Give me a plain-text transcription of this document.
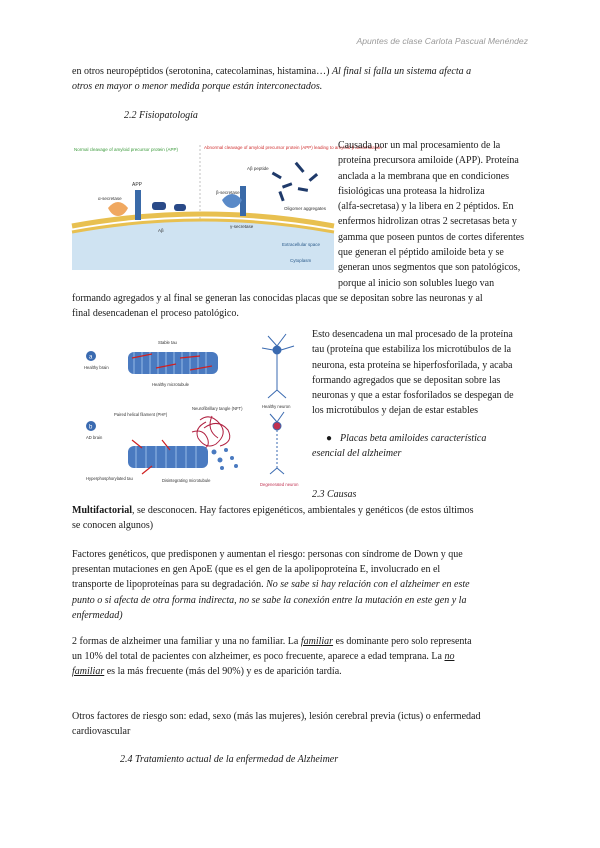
Apuntes de clase Carlota Pascual Menéndez
en otros neuropéptidos (serotonina, catecolaminas, histamina…) Al final si falla un sistema afecta a
otros en mayor o menor medida porque están interconectados.
2.2 Fisiopatología
Normal cleavage of amyloid precursor protein (APP)	Abnormal cleavage of amyloid precursor protein (APP) leading to amyloid β accumulation
Extracellular space
Cytoplasm
APP
α-secretase
Aβ
β-secretase
γ-secretase
Aβ peptide
Oligomer aggregates
Causada por un mal procesamiento de la
proteína precursora amiloide (APP). Proteína
anclada a la membrana que en condiciones
fisiológicas una proteasa la hidroliza
(alfa-secretasa) y la libera en 2 péptidos. En
enfermos hidrolizan otras 2 secretasas beta y
gamma que poseen puntos de cortes diferentes
que generan el péptido amiloide beta y se
generan unos segmentos que son patológicos,
porque al inicio son solubles luego van
formando agregados y al final se generan las conocidas placas que se depositan sobre las neuronas y al
final desencadenan el proceso patológico.
a
Healthy brain
Stable tau
Healthy microtubule
Healthy neuron
b
AD brain
Paired helical filament (PHF)
Neurofibrillary tangle (NFT)
Hyperphosphorylated tau	Disintegrating microtubule
Degenerated neuron
Esto desencadena un mal procesado de la proteína
tau (proteína que estabiliza los microtúbulos de la
neurona, esta proteína se hiperfosforilada, y acaba
formando agregados que se depositan sobre las
neuronas y que a estar fosforilados se despegan de
los microtúbulos y dejan de estar estables
● Placas beta amiloides característica
esencial del alzheimer
2.3 Causas
Multifactorial, se desconocen. Hay factores epigenéticos, ambientales y genéticos (de estos últimos
se conocen algunos)
Factores genéticos, que predisponen y aumentan el riesgo: personas con síndrome de Down y que
presentan mutaciones en gen ApoE (que es el gen de la apolipoproteína E, involucrado en el
transporte de lipoproteínas para su degradación. No se sabe si hay relación con el alzheimer en este
punto o si afecta de otra forma indirecta, no se sabe la conexión entre la mutación en este gen y la
enfermedad)
2 formas de alzheimer una familiar y una no familiar. La familiar es dominante pero solo representa
un 10% del total de pacientes con alzheimer, es poco frecuente, aparece a edad temprana. La no
familiar es la más frecuente (más del 90%) y es de aparición tardía.
Otros factores de riesgo son: edad, sexo (más las mujeres), lesión cerebral previa (ictus) o enfermedad
cardiovascular
2.4 Tratamiento actual de la enfermedad de Alzheimer
